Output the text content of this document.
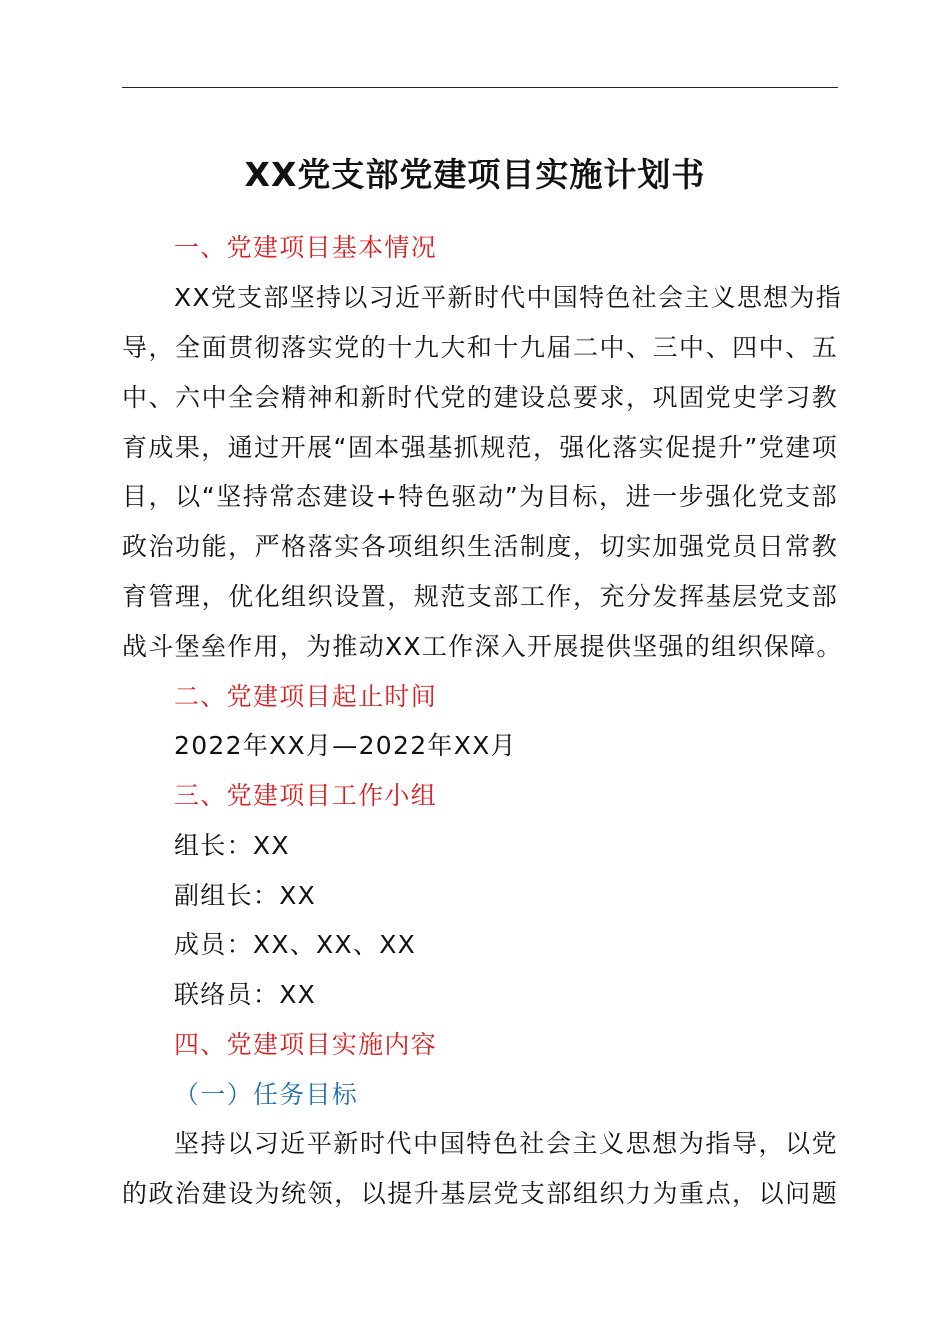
XX党支部党建项目实施计划书
一、党建项目基本情况
XX党支部坚持以习近平新时代中国特色社会主义思想为指
导，全面贯彻落实党的十九大和十九届二中、三中、四中、五
中、六中全会精神和新时代党的建设总要求，巩固党史学习教
育成果，通过开展“固本强基抓规范，强化落实促提升”党建项
目，以“坚持常态建设+特色驱动”为目标，进一步强化党支部
政治功能，严格落实各项组织生活制度，切实加强党员日常教
育管理，优化组织设置，规范支部工作，充分发挥基层党支部
战斗堡垒作用，为推动XX工作深入开展提供坚强的组织保障。
二、党建项目起止时间
2022年XX月—2022年XX月
三、党建项目工作小组
组长：XX
副组长：XX
成员：XX、XX、XX
联络员：XX
四、党建项目实施内容
（一）任务目标
坚持以习近平新时代中国特色社会主义思想为指导，以党
的政治建设为统领，以提升基层党支部组织力为重点，以问题
